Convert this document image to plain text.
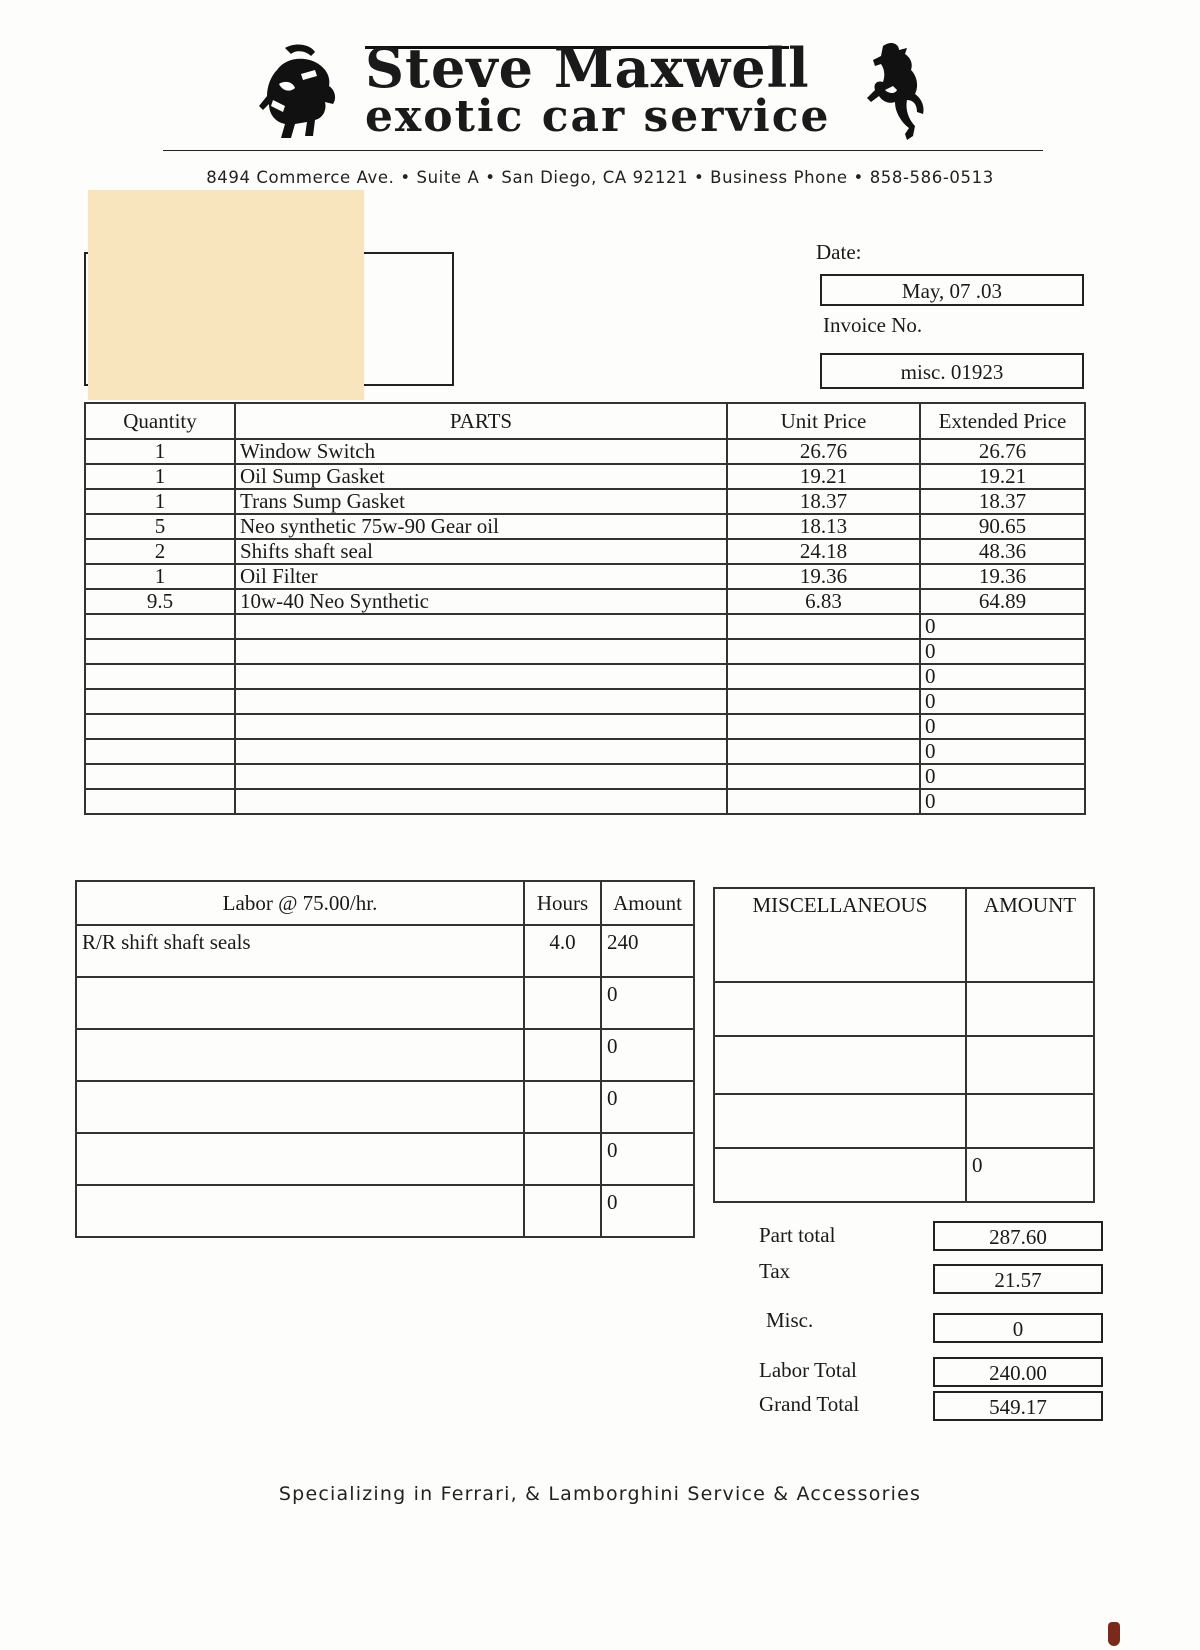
Steve Maxwell
exotic car service
8494 Commerce Ave. • Suite A • San Diego, CA 92121 • Business Phone • 858-586-0513
Date:
May, 07 .03
Invoice No.
misc. 01923
Quantity	PARTS	Unit Price	Extended Price
1	Window Switch	26.76	26.76
1	Oil Sump Gasket	19.21	19.21
1	Trans Sump Gasket	18.37	18.37
5	Neo synthetic 75w-90 Gear oil	18.13	90.65
2	Shifts shaft seal	24.18	48.36
1	Oil Filter	19.36	19.36
9.5	10w-40 Neo Synthetic	6.83	64.89
			0
			0
			0
			0
			0
			0
			0
			0
Labor @ 75.00/hr.	Hours	Amount
R/R shift shaft seals	4.0	240
		0
		0
		0
		0
		0
MISCELLANEOUS	AMOUNT

	0
Part total	287.60
Tax	21.57
Misc.	0
Labor Total	240.00
Grand Total	549.17
Specializing in Ferrari, & Lamborghini Service & Accessories
